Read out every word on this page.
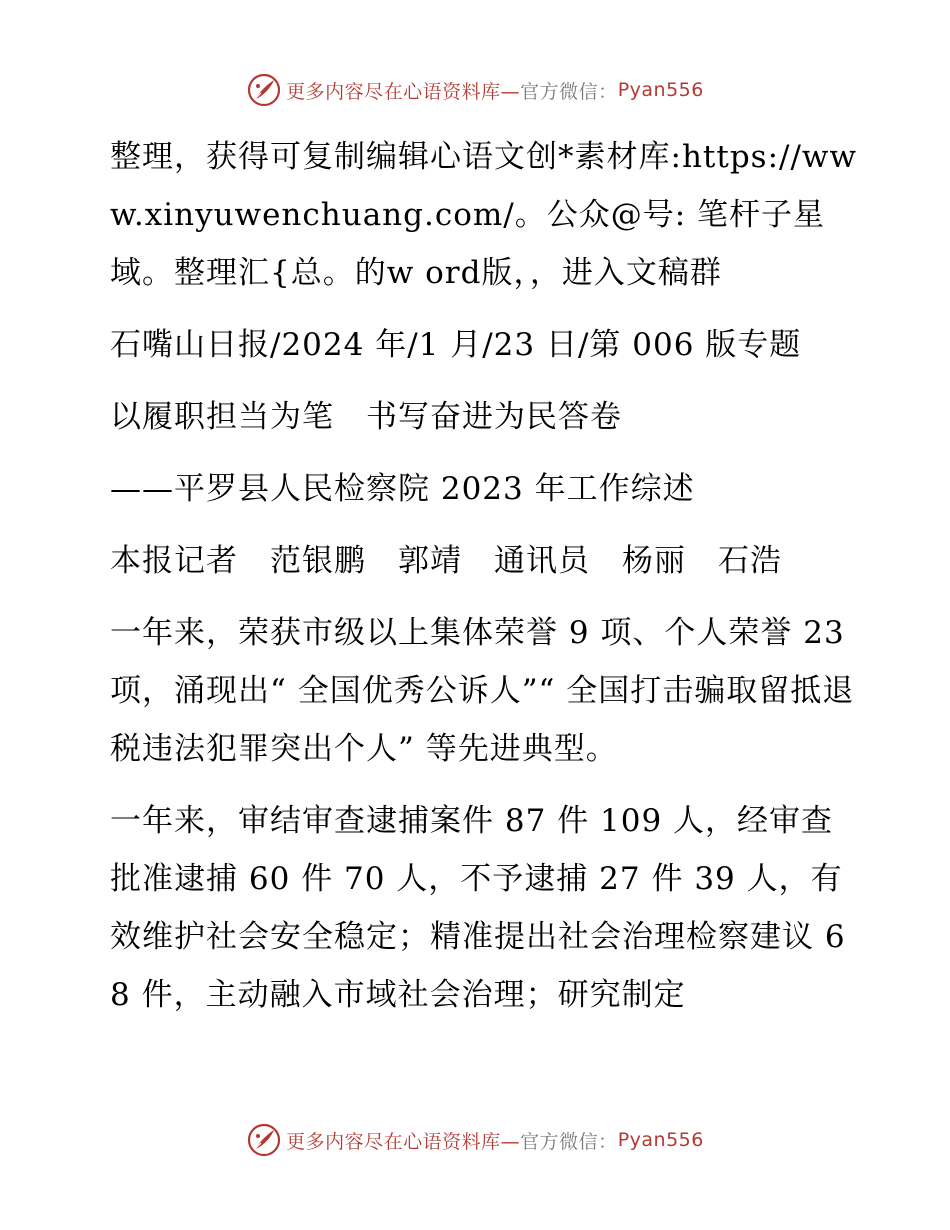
更多内容尽在心语资料库— 官方微信： Pyan556

整理，获得可复制编辑心语文创*素材库:https://www.xinyuwenchuang.com/。公众@号: 笔杆子星域。整理汇{总。的w ord版，，进入文稿群

石嘴山日报/2024 年/1 月/23 日/第 006 版专题

以履职担当为笔　书写奋进为民答卷

——平罗县人民检察院 2023 年工作综述

本报记者　范银鹏　郭靖　通讯员　杨丽　石浩

一年来，荣获市级以上集体荣誉 9 项、个人荣誉 23 项，涌现出“ 全国优秀公诉人”“ 全国打击骗取留抵退税违法犯罪突出个人” 等先进典型。

一年来，审结审查逮捕案件 87 件 109 人，经审查批准逮捕 60 件 70 人，不予逮捕 27 件 39 人，有效维护社会安全稳定；精准提出社会治理检察建议 68 件，主动融入市域社会治理；研究制定

更多内容尽在心语资料库— 官方微信： Pyan556
